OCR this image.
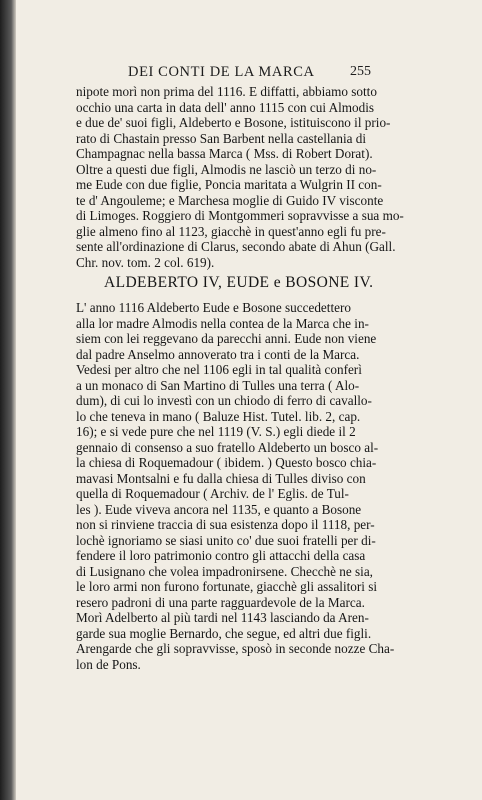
DEI CONTI DE LA MARCA	255
nipote morì non prima del 1116. E diffatti, abbiamo sotto
occhio una carta in data dell' anno 1115 con cui Almodis
e due de' suoi figli, Aldeberto e Bosone, istituiscono il prio-
rato di Chastain presso San Barbent nella castellania di
Champagnac nella bassa Marca ( Mss. di Robert Dorat).
Oltre a questi due figli, Almodis ne lasciò un terzo di no-
me Eude con due figlie, Poncia maritata a Wulgrin II con-
te d' Angouleme; e Marchesa moglie di Guido IV visconte
di Limoges. Roggiero di Montgommeri sopravvisse a sua mo-
glie almeno fino al 1123, giacchè in quest'anno egli fu pre-
sente all'ordinazione di Clarus, secondo abate di Ahun (Gall.
Chr. nov. tom. 2 col. 619).
ALDEBERTO IV, EUDE e BOSONE IV.
L' anno 1116 Aldeberto Eude e Bosone succedettero
alla lor madre Almodis nella contea de la Marca che in-
siem con lei reggevano da parecchi anni. Eude non viene
dal padre Anselmo annoverato tra i conti de la Marca.
Vedesi per altro che nel 1106 egli in tal qualità conferì
a un monaco di San Martino di Tulles una terra ( Alo-
dum), di cui lo investì con un chiodo di ferro di cavallo-
lo che teneva in mano ( Baluze Hist. Tutel. lib. 2, cap.
16); e si vede pure che nel 1119 (V. S.) egli diede il 2
gennaio di consenso a suo fratello Aldeberto un bosco al-
la chiesa di Roquemadour ( ibidem. ) Questo bosco chia-
mavasi Montsalni e fu dalla chiesa di Tulles diviso con
quella di Roquemadour ( Archiv. de l' Eglis. de Tul-
les ). Eude viveva ancora nel 1135, e quanto a Bosone
non si rinviene traccia di sua esistenza dopo il 1118, per-
lochè ignoriamo se siasi unito co' due suoi fratelli per di-
fendere il loro patrimonio contro gli attacchi della casa
di Lusignano che volea impadronirsene. Checchè ne sia,
le loro armi non furono fortunate, giacchè gli assalitori si
resero padroni di una parte ragguardevole de la Marca.
Morì Adelberto al più tardi nel 1143 lasciando da Aren-
garde sua moglie Bernardo, che segue, ed altri due figli.
Arengarde che gli sopravvisse, sposò in seconde nozze Cha-
lon de Pons.
